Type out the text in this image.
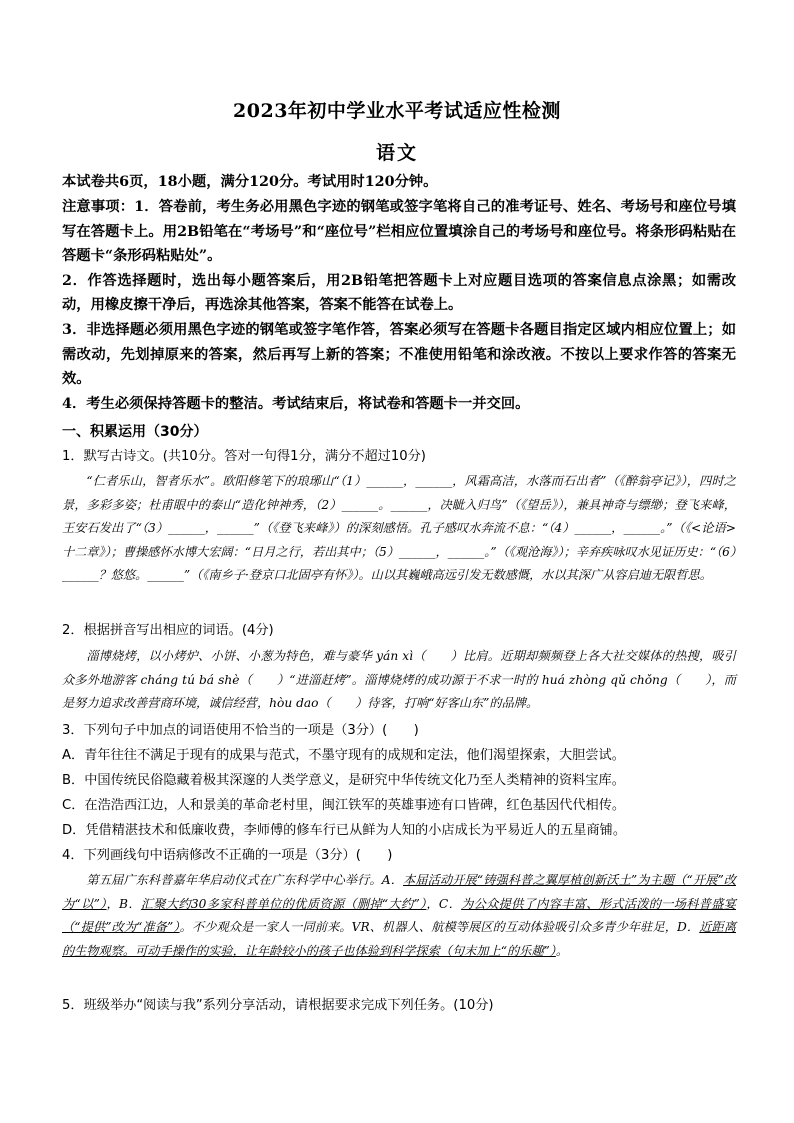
2023年初中学业水平考试适应性检测
语文
本试卷共6页，18小题，满分120分。考试用时120分钟。

注意事项：1．答卷前，考生务必用黑色字迹的钢笔或签字笔将自己的准考证号、姓名、考场号和座位号填写在答题卡上。用2B铅笔在“考场号”和“座位号”栏相应位置填涂自己的考场号和座位号。将条形码粘贴在答题卡“条形码粘贴处”。

2．作答选择题时，选出每小题答案后，用2B铅笔把答题卡上对应题目选项的答案信息点涂黑；如需改动，用橡皮擦干净后，再选涂其他答案，答案不能答在试卷上。

3．非选择题必须用黑色字迹的钢笔或签字笔作答，答案必须写在答题卡各题目指定区域内相应位置上；如需改动，先划掉原来的答案，然后再写上新的答案；不准使用铅笔和涂改液。不按以上要求作答的答案无效。

4．考生必须保持答题卡的整洁。考试结束后，将试卷和答题卡一并交回。

一、积累运用（30分）
1．默写古诗文。(共10分。答对一句得1分，满分不超过10分)
“仁者乐山，智者乐水”。欧阳修笔下的琅琊山“（1）______，______，风霜高洁，水落而石出者”（《醉翁亭记》），四时之景，多彩多姿；杜甫眼中的泰山“造化钟神秀，（2）______。______，决眦入归鸟”（《望岳》），兼具神奇与缥缈；登飞来峰，王安石发出了“（3）______，______”（《登飞来峰》）的深刻感悟。孔子感叹水奔流不息：“（4）______，______。”（《<论语>十二章》）；曹操感怀水博大宏阔：“日月之行，若出其中；（5）______，______。”（《观沧海》）；辛弃疾咏叹水见证历史：“（6）______？悠悠。______”（《南乡子·登京口北固亭有怀》）。山以其巍峨高远引发无数感慨，水以其深广从容启迪无限哲思。
2．根据拼音写出相应的词语。(4分)
淄博烧烤，以小烤炉、小饼、小葱为特色，难与豪华 yán xì（　　）比肩。近期却频频登上各大社交媒体的热搜，吸引众多外地游客 cháng tú bá shè（　　）“进淄赶烤”。淄博烧烤的成功源于不求一时的 huá zhòng qǔ chǒng（　　），而是努力追求改善营商环境，诚信经营，hòu dao（　　）待客，打响“好客山东”的品牌。
3．下列句子中加点的词语使用不恰当的一项是（3分）(　　)
A．青年往往不满足于现有的成果与范式，不墨守现有的成规和定法，他们渴望探索，大胆尝试。
B．中国传统民俗隐藏着极其深邃的人类学意义，是研究中华传统文化乃至人类精神的资料宝库。
C．在浩浩西江边，人和景美的革命老村里，闽江铁军的英雄事迹有口皆碑，红色基因代代相传。
D．凭借精湛技术和低廉收费，李师傅的修车行已从鲜为人知的小店成长为平易近人的五星商铺。
4．下列画线句中语病修改不正确的一项是（3分）(　　)
第五届广东科普嘉年华启动仪式在广东科学中心举行。A．本届活动开展“铸强科普之翼厚植创新沃土”为主题（“开展”改为“以”），B．汇聚大约30多家科普单位的优质资源（删掉“大约”），C．为公众提供了内容丰富、形式活泼的一场科普盛宴（“提供”改为“准备”）。不少观众是一家人一同前来。VR、机器人、航模等展区的互动体验吸引众多青少年驻足，D．近距离的生物观察。可动手操作的实验，让年龄较小的孩子也体验到科学探索（句末加上“的乐趣”）。
5．班级举办“阅读与我”系列分享活动，请根据要求完成下列任务。(10分)
